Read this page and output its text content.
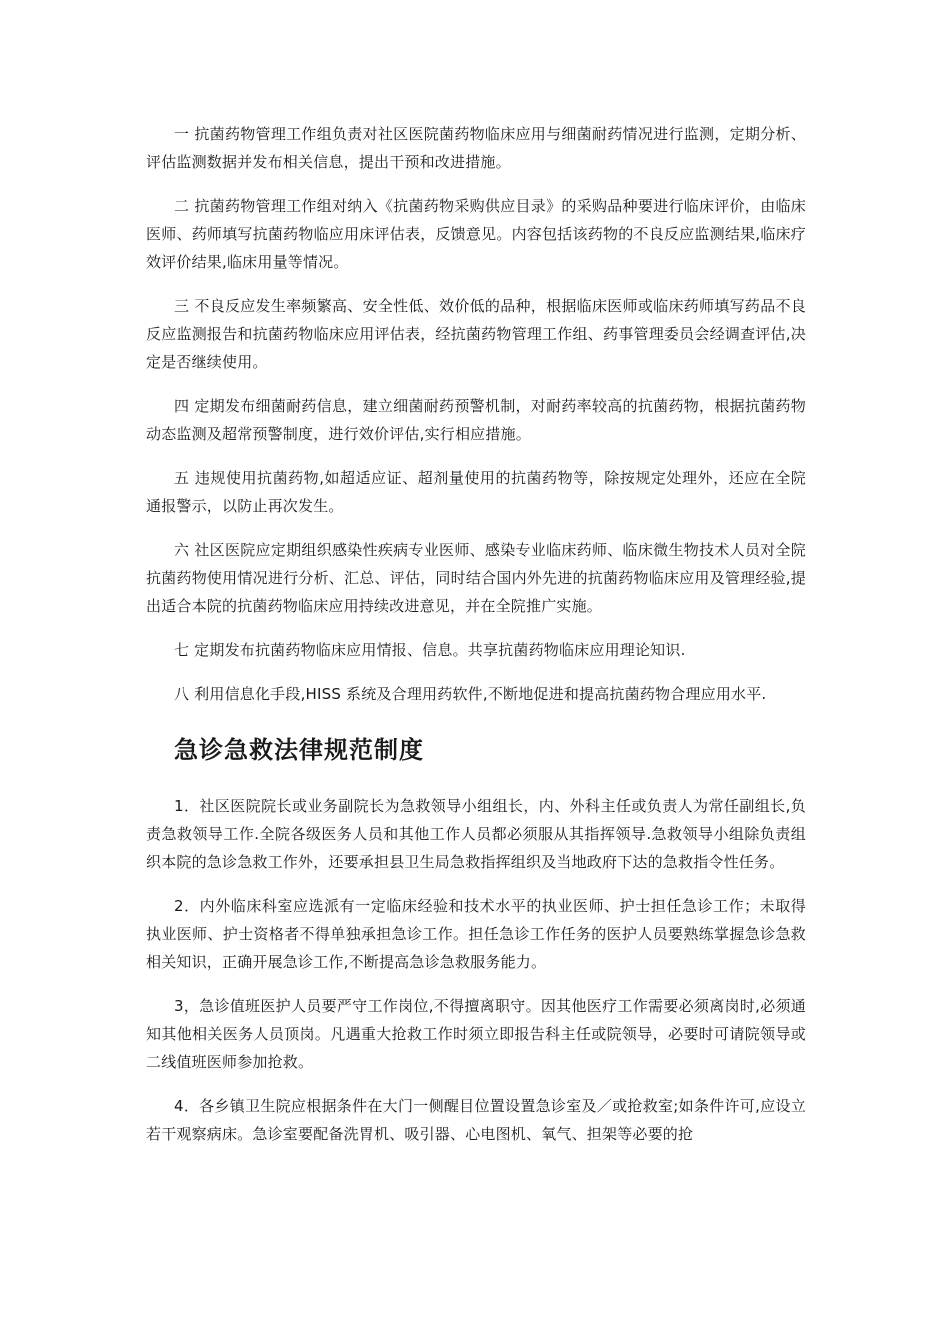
一 抗菌药物管理工作组负责对社区医院菌药物临床应用与细菌耐药情况进行监测，定期分析、评估监测数据并发布相关信息，提出干预和改进措施。

二 抗菌药物管理工作组对纳入《抗菌药物采购供应目录》的采购品种要进行临床评价，由临床医师、药师填写抗菌药物临应用床评估表，反馈意见。内容包括该药物的不良反应监测结果,临床疗效评价结果,临床用量等情况。

三 不良反应发生率频繁高、安全性低、效价低的品种，根据临床医师或临床药师填写药品不良反应监测报告和抗菌药物临床应用评估表，经抗菌药物管理工作组、药事管理委员会经调查评估,决定是否继续使用。

四 定期发布细菌耐药信息，建立细菌耐药预警机制，对耐药率较高的抗菌药物，根据抗菌药物动态监测及超常预警制度，进行效价评估,实行相应措施。

五 违规使用抗菌药物,如超适应证、超剂量使用的抗菌药物等，除按规定处理外，还应在全院通报警示，以防止再次发生。

六 社区医院应定期组织感染性疾病专业医师、感染专业临床药师、临床微生物技术人员对全院抗菌药物使用情况进行分析、汇总、评估，同时结合国内外先进的抗菌药物临床应用及管理经验,提出适合本院的抗菌药物临床应用持续改进意见，并在全院推广实施。

七 定期发布抗菌药物临床应用情报、信息。共享抗菌药物临床应用理论知识.

八 利用信息化手段,HISS 系统及合理用药软件,不断地促进和提高抗菌药物合理应用水平.

急诊急救法律规范制度

1．社区医院院长或业务副院长为急救领导小组组长，内、外科主任或负责人为常任副组长,负责急救领导工作.全院各级医务人员和其他工作人员都必须服从其指挥领导.急救领导小组除负责组织本院的急诊急救工作外，还要承担县卫生局急救指挥组织及当地政府下达的急救指令性任务。

2．内外临床科室应选派有一定临床经验和技术水平的执业医师、护士担任急诊工作；未取得执业医师、护士资格者不得单独承担急诊工作。担任急诊工作任务的医护人员要熟练掌握急诊急救相关知识，正确开展急诊工作,不断提高急诊急救服务能力。

3，急诊值班医护人员要严守工作岗位,不得擅离职守。因其他医疗工作需要必须离岗时,必须通知其他相关医务人员顶岗。凡遇重大抢救工作时须立即报告科主任或院领导，必要时可请院领导或二线值班医师参加抢救。

4．各乡镇卫生院应根据条件在大门一侧醒目位置设置急诊室及／或抢救室;如条件许可,应设立若干观察病床。急诊室要配备洗胃机、吸引器、心电图机、氧气、担架等必要的抢
